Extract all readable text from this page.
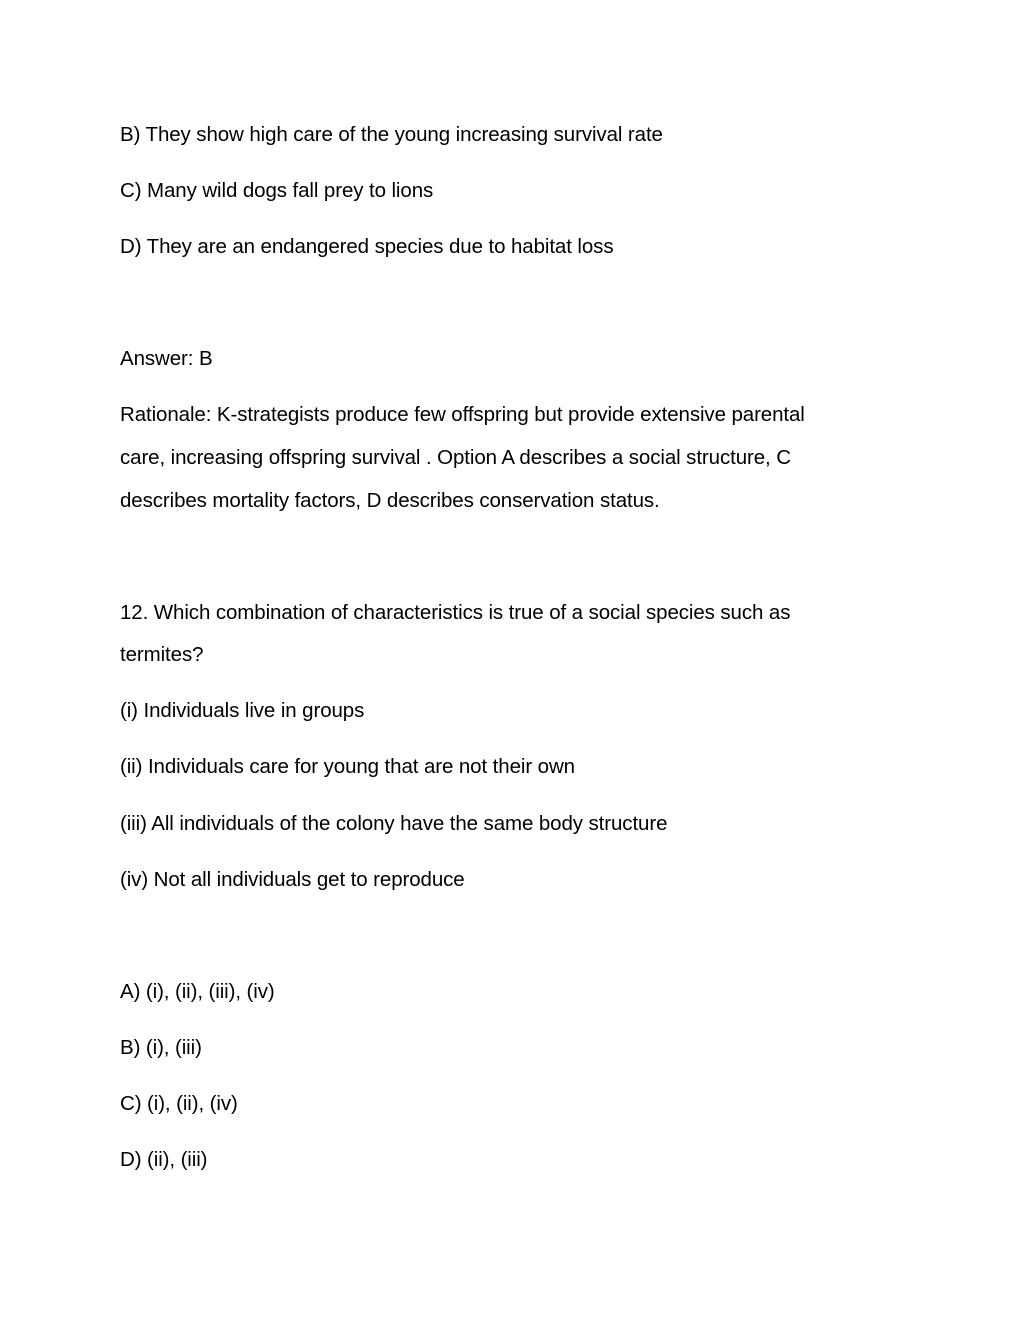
B) They show high care of the young increasing survival rate
C) Many wild dogs fall prey to lions
D) They are an endangered species due to habitat loss
Answer: B
Rationale: K-strategists produce few offspring but provide extensive parental
care, increasing offspring survival . Option A describes a social structure, C
describes mortality factors, D describes conservation status.
12. Which combination of characteristics is true of a social species such as
termites?
(i) Individuals live in groups
(ii) Individuals care for young that are not their own
(iii) All individuals of the colony have the same body structure
(iv) Not all individuals get to reproduce
A) (i), (ii), (iii), (iv)
B) (i), (iii)
C) (i), (ii), (iv)
D) (ii), (iii)
